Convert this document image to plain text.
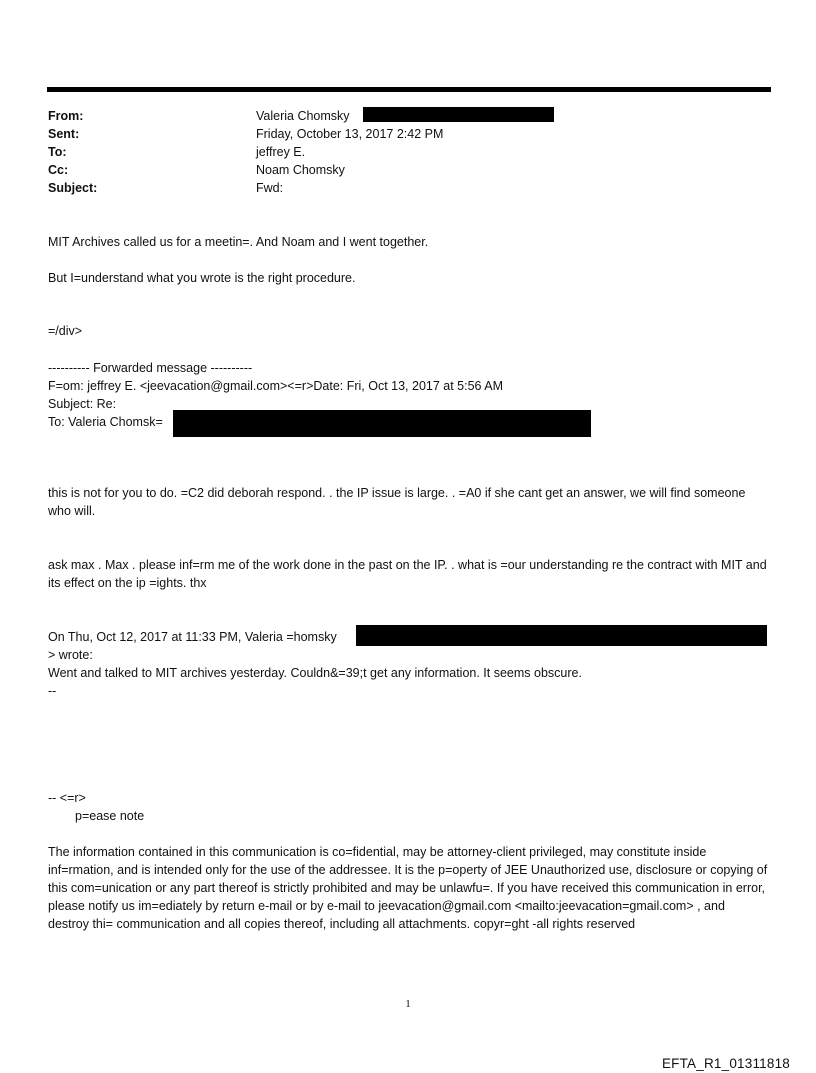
From:	Valeria Chomsky
Sent:	Friday, October 13, 2017 2:42 PM
To:	jeffrey E.
Cc:	Noam Chomsky
Subject:	Fwd:
MIT Archives called us for a meetin=. And Noam and I went together.
But I=understand what you wrote is the right procedure.
=/div>
---------- Forwarded message ----------
F=om: jeffrey E. <jeevacation@gmail.com><=r>Date: Fri, Oct 13, 2017 at 5:56 AM
Subject: Re:
To: Valeria Chomsk=
this is not for you to do. =C2 did deborah respond. . the IP issue is large. . =A0 if she cant get an answer, we will find someone who will.
ask max . Max . please inf=rm me of the work done in the past on the IP. . what is =our understanding re the contract with MIT and its effect on the ip =ights. thx
On Thu, Oct 12, 2017 at 11:33 PM, Valeria =homsky
> wrote:
Went and talked to MIT archives yesterday. Couldn&=39;t get any information. It seems obscure.
--
-- <=r>
p=ease note
The information contained in this communication is co=fidential, may be attorney-client privileged, may constitute inside inf=rmation, and is intended only for the use of the addressee. It is the p=operty of JEE Unauthorized use, disclosure or copying of this com=unication or any part thereof is strictly prohibited and may be unlawfu=. If you have received this communication in error, please notify us im=ediately by return e-mail or by e-mail to jeevacation@gmail.com <mailto:jeevacation=gmail.com> , and destroy thi= communication and all copies thereof, including all attachments. copyr=ght -all rights reserved
1
EFTA_R1_01311818
